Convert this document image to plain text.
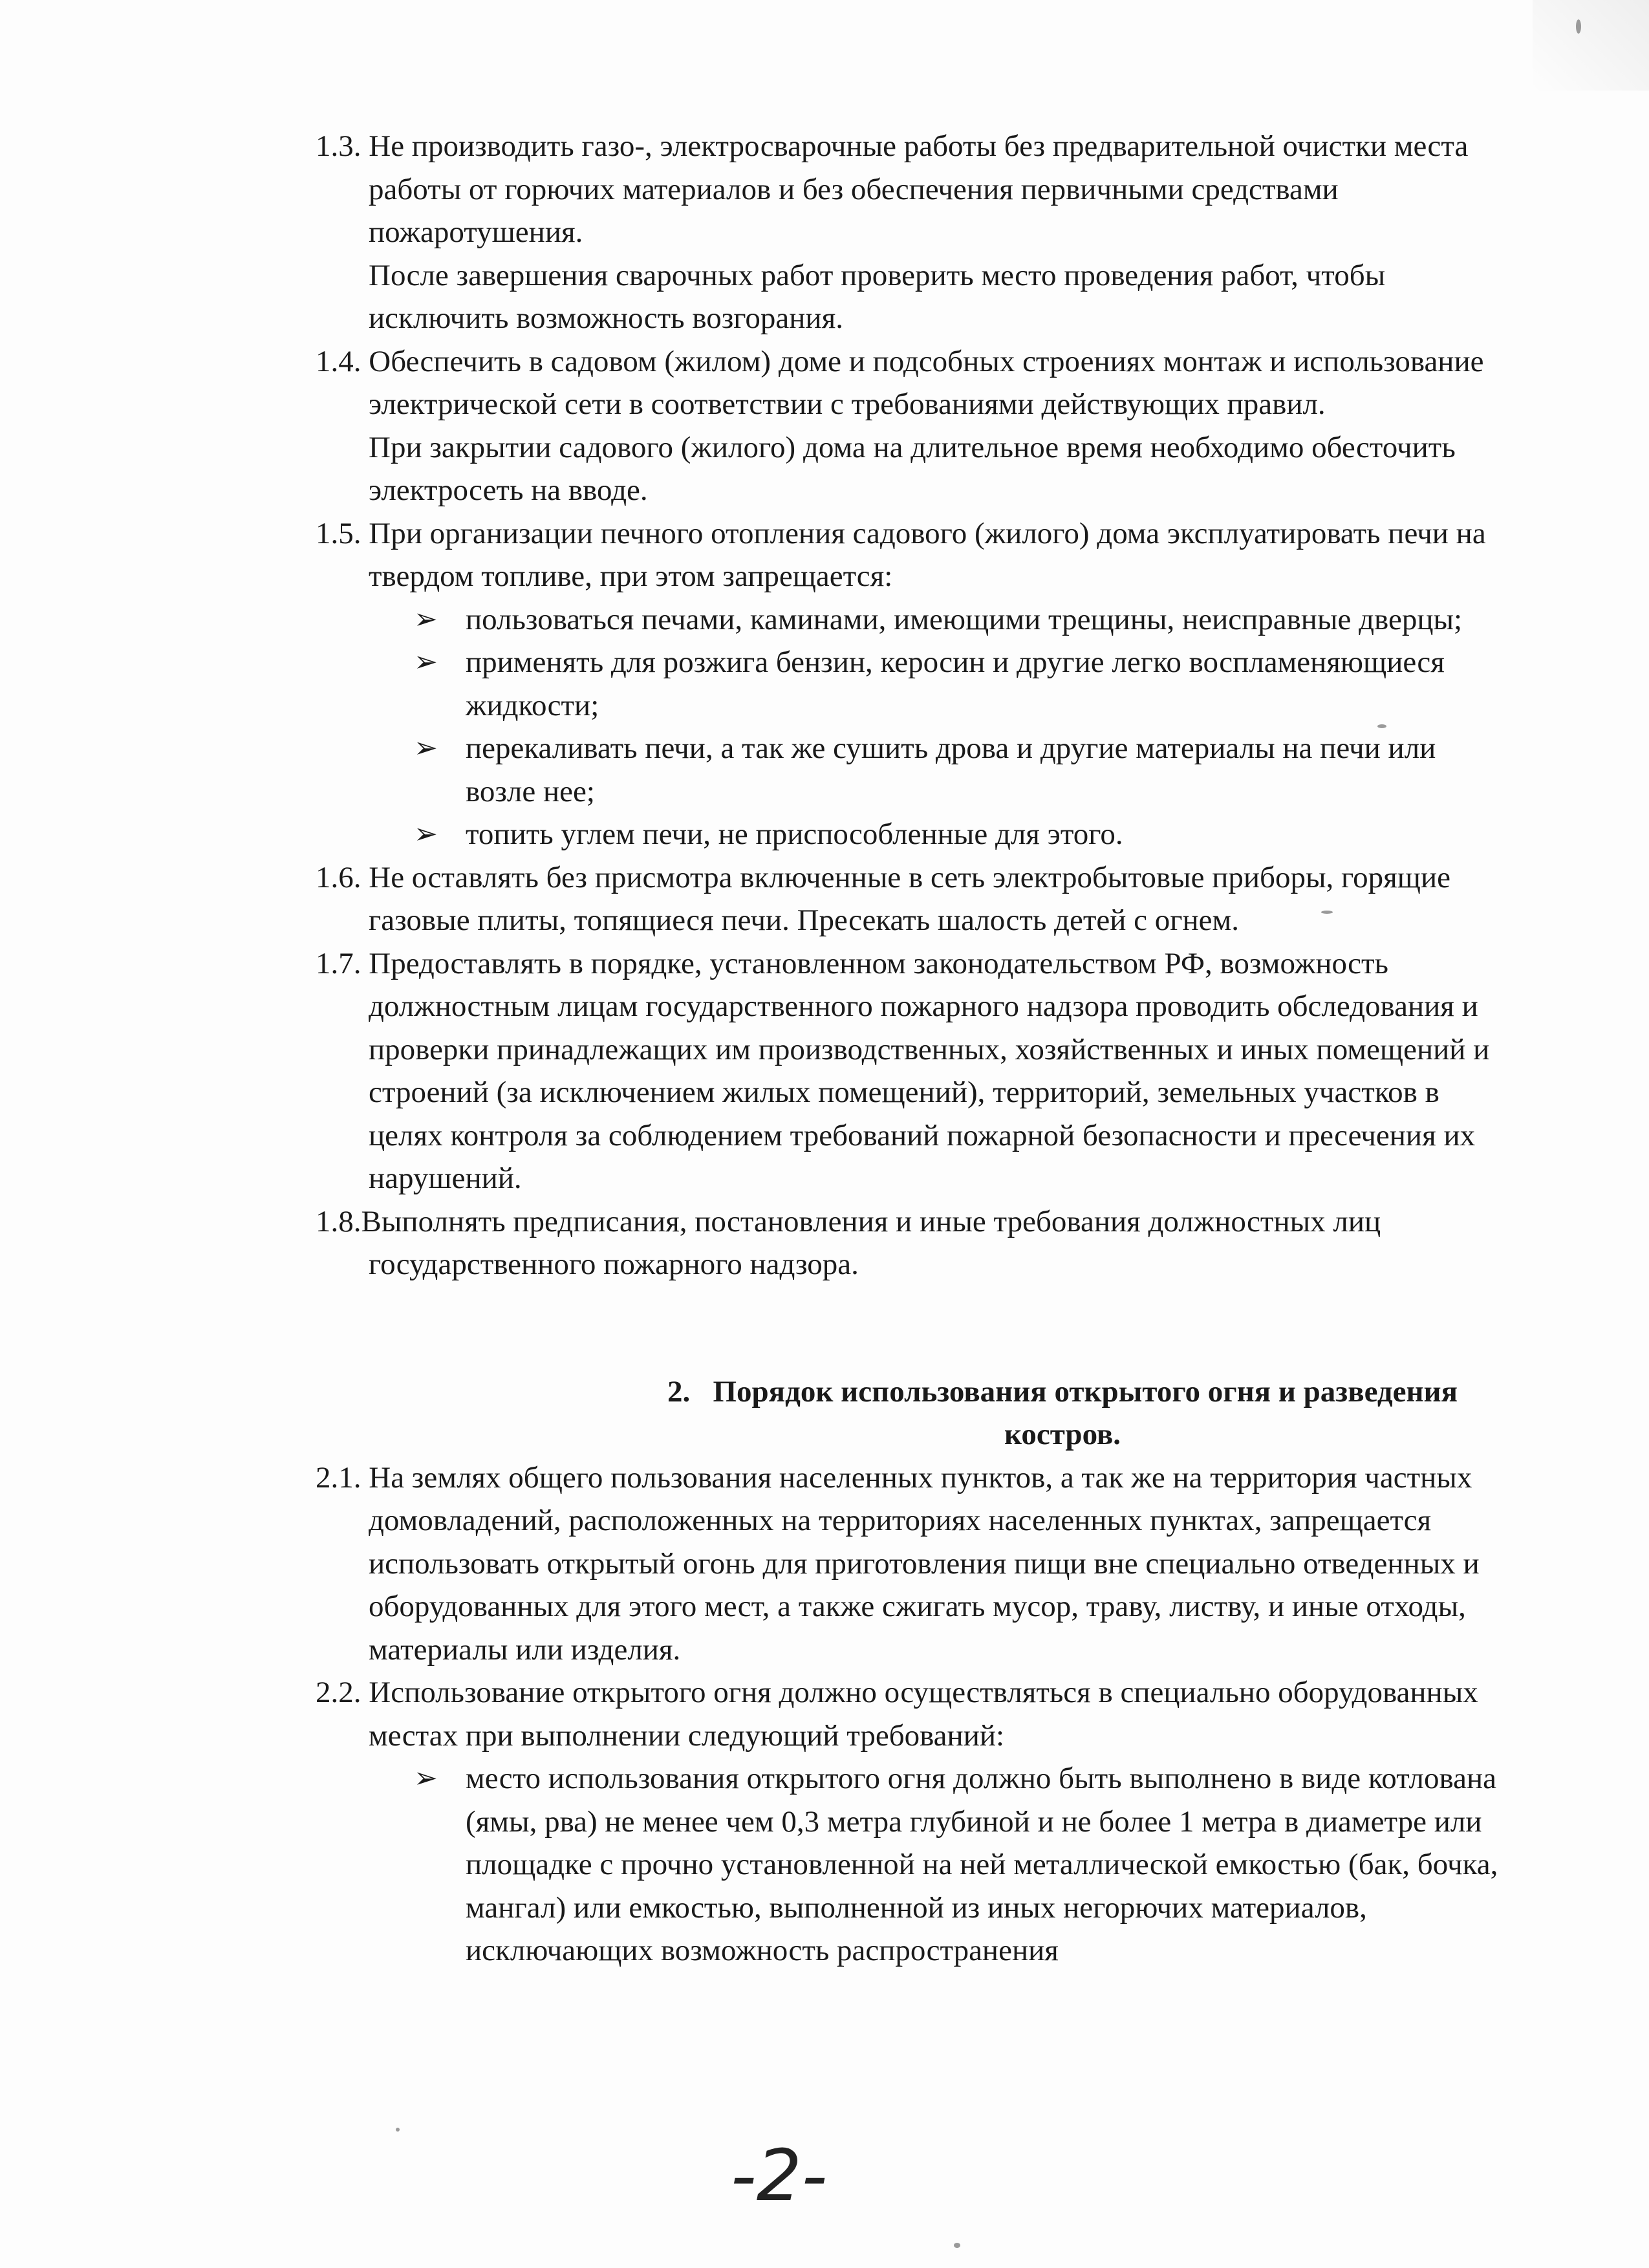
1.3. Не производить газо-, электросварочные работы без предварительной очистки места работы от горючих материалов и без обеспечения первичными средствами пожаротушения.
После завершения сварочных работ проверить место проведения работ, чтобы исключить возможность возгорания.
1.4. Обеспечить в садовом (жилом) доме и подсобных строениях монтаж и использование электрической сети в соответствии с требованиями действующих правил.
При закрытии садового (жилого) дома на длительное время необходимо обесточить электросеть на вводе.
1.5. При организации печного отопления садового (жилого) дома эксплуатировать печи на твердом топливе, при этом запрещается:
➢ пользоваться печами, каминами, имеющими трещины, неисправные дверцы;
➢ применять для розжига бензин, керосин и другие легко воспламеняющиеся жидкости;
➢ перекаливать печи, а так же сушить дрова и другие материалы на печи или возле нее;
➢ топить углем печи, не приспособленные для этого.
1.6. Не оставлять без присмотра включенные в сеть электробытовые приборы, горящие газовые плиты, топящиеся печи. Пресекать шалость детей с огнем.
1.7. Предоставлять в порядке, установленном законодательством РФ, возможность должностным лицам государственного пожарного надзора проводить обследования и проверки принадлежащих им производственных, хозяйственных и иных помещений и строений (за исключением жилых помещений), территорий, земельных участков в целях контроля за соблюдением требований пожарной безопасности и пресечения их нарушений.
1.8.Выполнять предписания, постановления и иные требования должностных лиц государственного пожарного надзора.
2. Порядок использования открытого огня и разведения костров.
2.1. На землях общего пользования населенных пунктов, а так же на территория частных домовладений, расположенных на территориях населенных пунктах, запрещается использовать открытый огонь для приготовления пищи вне специально отведенных и оборудованных для этого мест, а также сжигать мусор, траву, листву, и иные отходы, материалы или изделия.
2.2. Использование открытого огня должно осуществляться в специально оборудованных местах при выполнении следующий требований:
➢ место использования открытого огня должно быть выполнено в виде котлована (ямы, рва) не менее чем 0,3 метра глубиной и не более 1 метра в диаметре или площадке с прочно установленной на ней металлической емкостью (бак, бочка, мангал) или емкостью, выполненной из иных негорючих материалов, исключающих возможность распространения
-2-
